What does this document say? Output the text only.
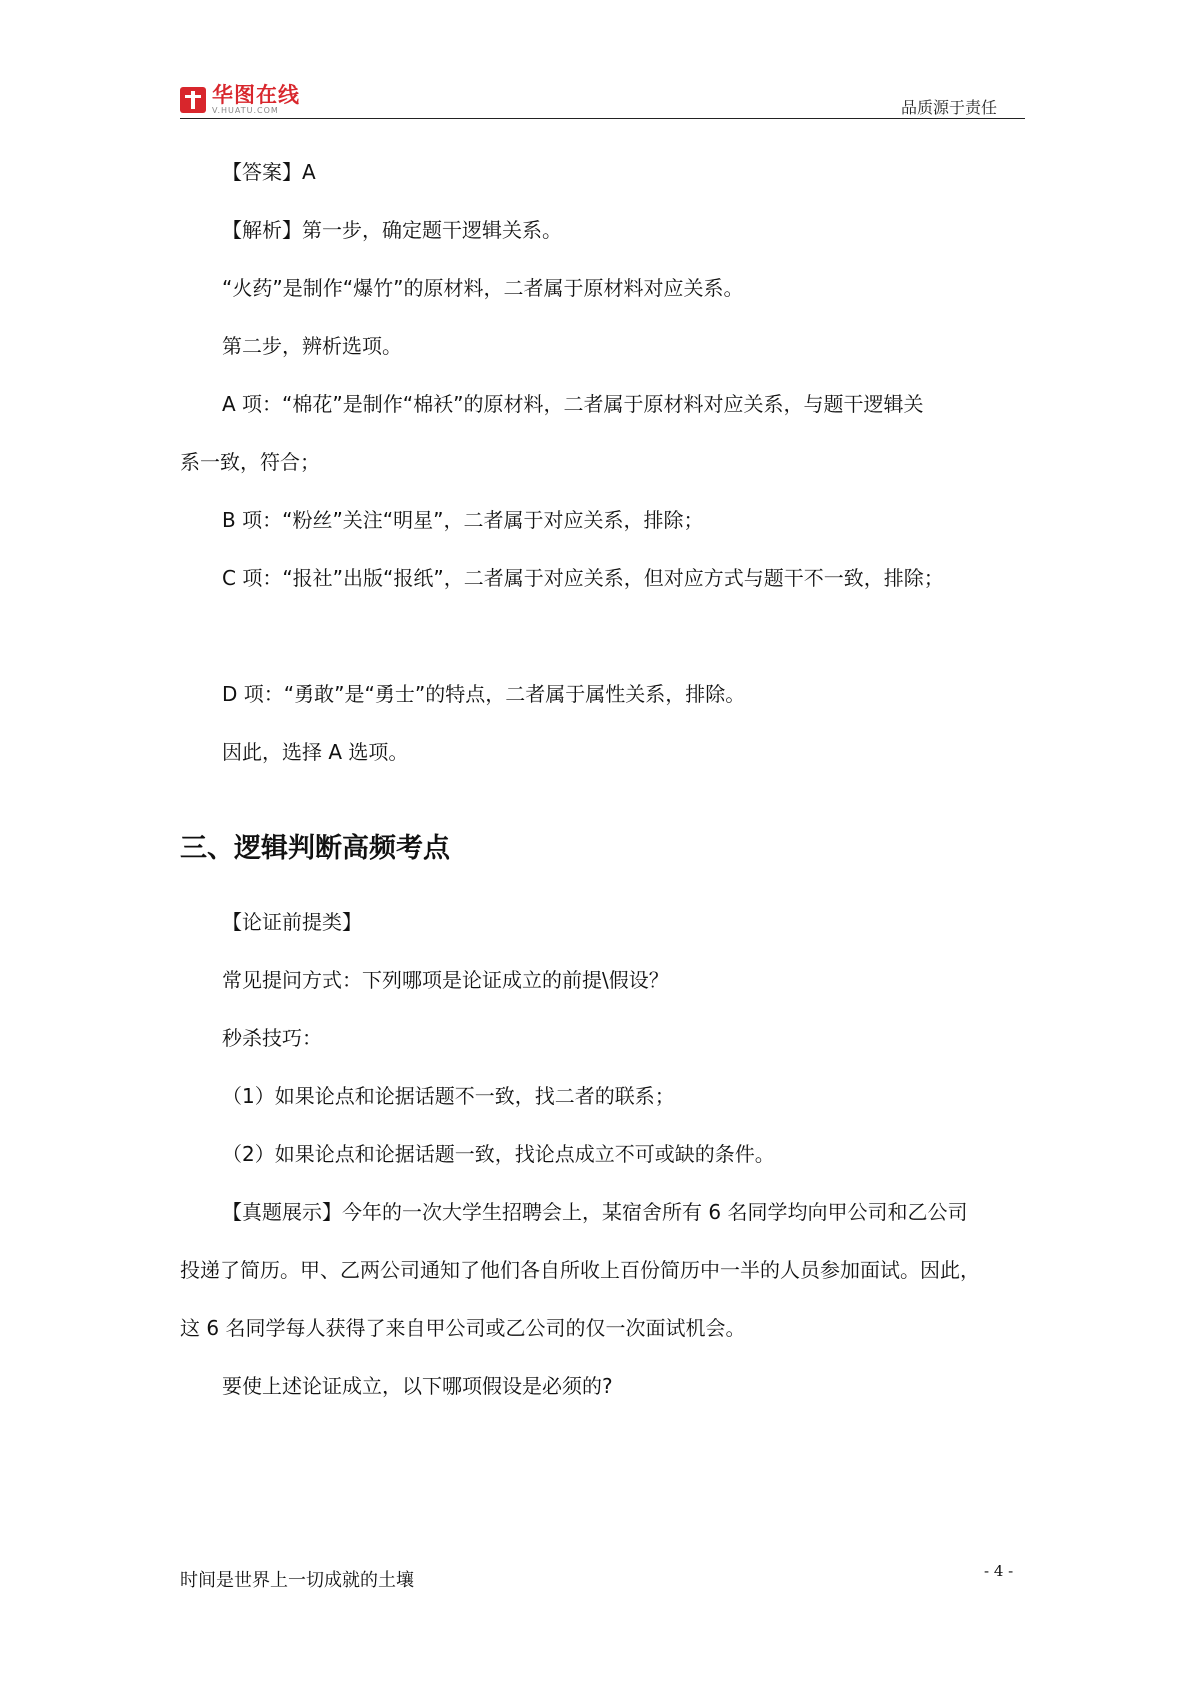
华图在线
V.HUATU.COM	品质源于责任
【答案】A
【解析】第一步，确定题干逻辑关系。
“火药”是制作“爆竹”的原材料，二者属于原材料对应关系。
第二步，辨析选项。
A 项：“棉花”是制作“棉袄”的原材料，二者属于原材料对应关系，与题干逻辑关
系一致，符合；
B 项：“粉丝”关注“明星”，二者属于对应关系，排除；
C 项：“报社”出版“报纸”，二者属于对应关系，但对应方式与题干不一致，排除；
D 项：“勇敢”是“勇士”的特点，二者属于属性关系，排除。
因此，选择 A 选项。
三、逻辑判断高频考点
【论证前提类】
常见提问方式：下列哪项是论证成立的前提\假设？
秒杀技巧：
（1）如果论点和论据话题不一致，找二者的联系；
（2）如果论点和论据话题一致，找论点成立不可或缺的条件。
【真题展示】今年的一次大学生招聘会上，某宿舍所有 6 名同学均向甲公司和乙公司
投递了简历。甲、乙两公司通知了他们各自所收上百份简历中一半的人员参加面试。因此，
这 6 名同学每人获得了来自甲公司或乙公司的仅一次面试机会。
要使上述论证成立，以下哪项假设是必须的?
时间是世界上一切成就的土壤	- 4 -
